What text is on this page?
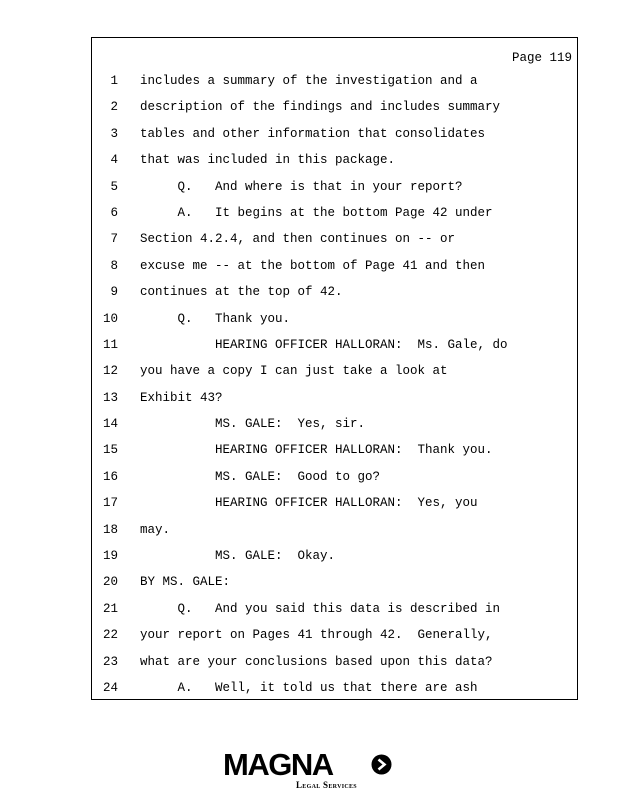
Page 119
1 includes a summary of the investigation and a
2 description of the findings and includes summary
3 tables and other information that consolidates
4 that was included in this package.
5 Q.   And where is that in your report?
6 A.   It begins at the bottom Page 42 under
7 Section 4.2.4, and then continues on -- or
8 excuse me -- at the bottom of Page 41 and then
9 continues at the top of 42.
10 Q.   Thank you.
11 HEARING OFFICER HALLORAN:  Ms. Gale, do
12 you have a copy I can just take a look at
13 Exhibit 43?
14 MS. GALE:  Yes, sir.
15 HEARING OFFICER HALLORAN:  Thank you.
16 MS. GALE:  Good to go?
17 HEARING OFFICER HALLORAN:  Yes, you
18 may.
19 MS. GALE:  Okay.
20 BY MS. GALE:
21 Q.   And you said this data is described in
22 your report on Pages 41 through 42.  Generally,
23 what are your conclusions based upon this data?
24 A.   Well, it told us that there are ash
MAGNA
Legal Services
